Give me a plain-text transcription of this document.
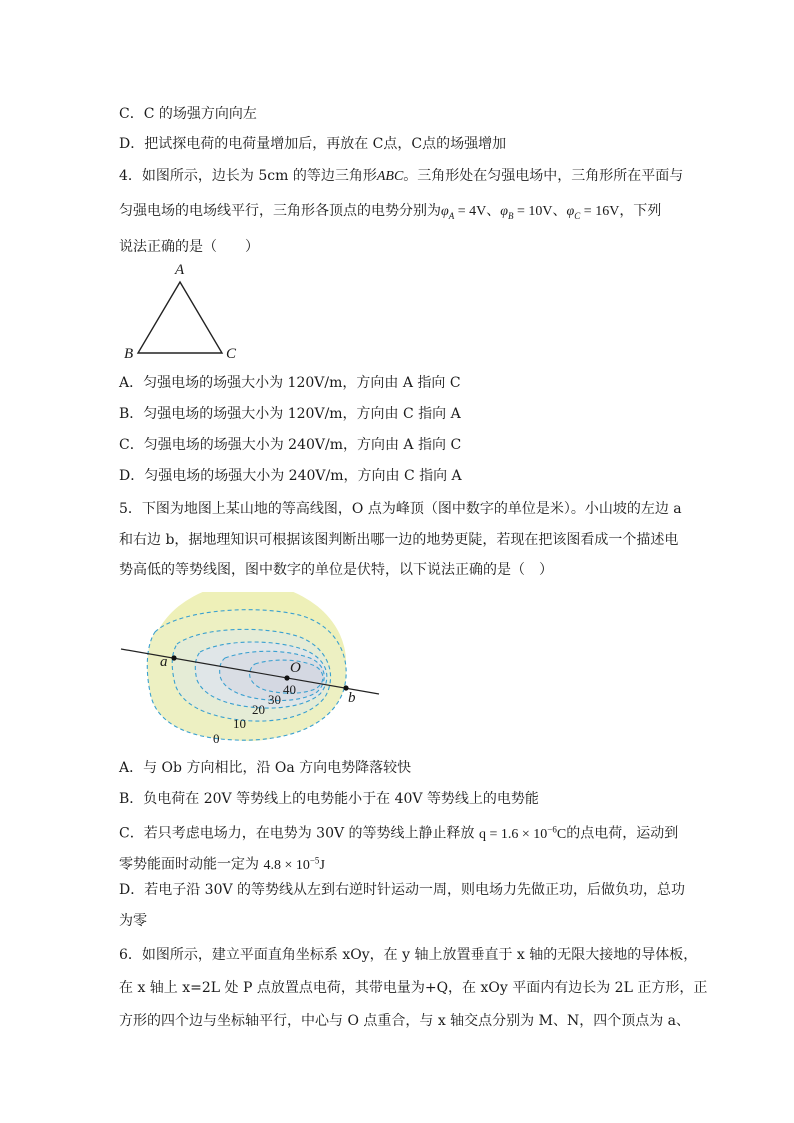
C．C 的场强方向向左
D．把试探电荷的电荷量增加后，再放在 C点，C点的场强增加
4．如图所示，边长为 5cm 的等边三角形ABC。三角形处在匀强电场中，三角形所在平面与
匀强电场的电场线平行，三角形各顶点的电势分别为$\varphi_A = 4V$、$\varphi_B = 10V$、$\varphi_C = 16V$，下列
说法正确的是（　　）
A
B	C
A．匀强电场的场强大小为 120V/m，方向由 A 指向 C
B．匀强电场的场强大小为 120V/m，方向由 C 指向 A
C．匀强电场的场强大小为 240V/m，方向由 A 指向 C
D．匀强电场的场强大小为 240V/m，方向由 C 指向 A
5．下图为地图上某山地的等高线图，O 点为峰顶（图中数字的单位是米）。小山坡的左边 a
和右边 b，据地理知识可根据该图判断出哪一边的地势更陡，若现在把该图看成一个描述电
势高低的等势线图，图中数字的单位是伏特，以下说法正确的是（　）
a	O
b
40
30
20
10
0
A．与 Ob 方向相比，沿 Oa 方向电势降落较快
B．负电荷在 20V 等势线上的电势能小于在 40V 等势线上的电势能
C．若只考虑电场力，在电势为 30V 的等势线上静止释放 $q = 1.6 \times 10^{-6}C$的点电荷，运动到
零势能面时动能一定为 $4.8 \times 10^{-5}J$
D．若电子沿 30V 的等势线从左到右逆时针运动一周，则电场力先做正功，后做负功，总功
为零
6．如图所示，建立平面直角坐标系 xOy，在 y 轴上放置垂直于 x 轴的无限大接地的导体板，
在 x 轴上 x=2L 处 P 点放置点电荷，其带电量为+Q，在 xOy 平面内有边长为 2L 正方形，正
方形的四个边与坐标轴平行，中心与 O 点重合，与 x 轴交点分别为 M、N，四个顶点为 a、
